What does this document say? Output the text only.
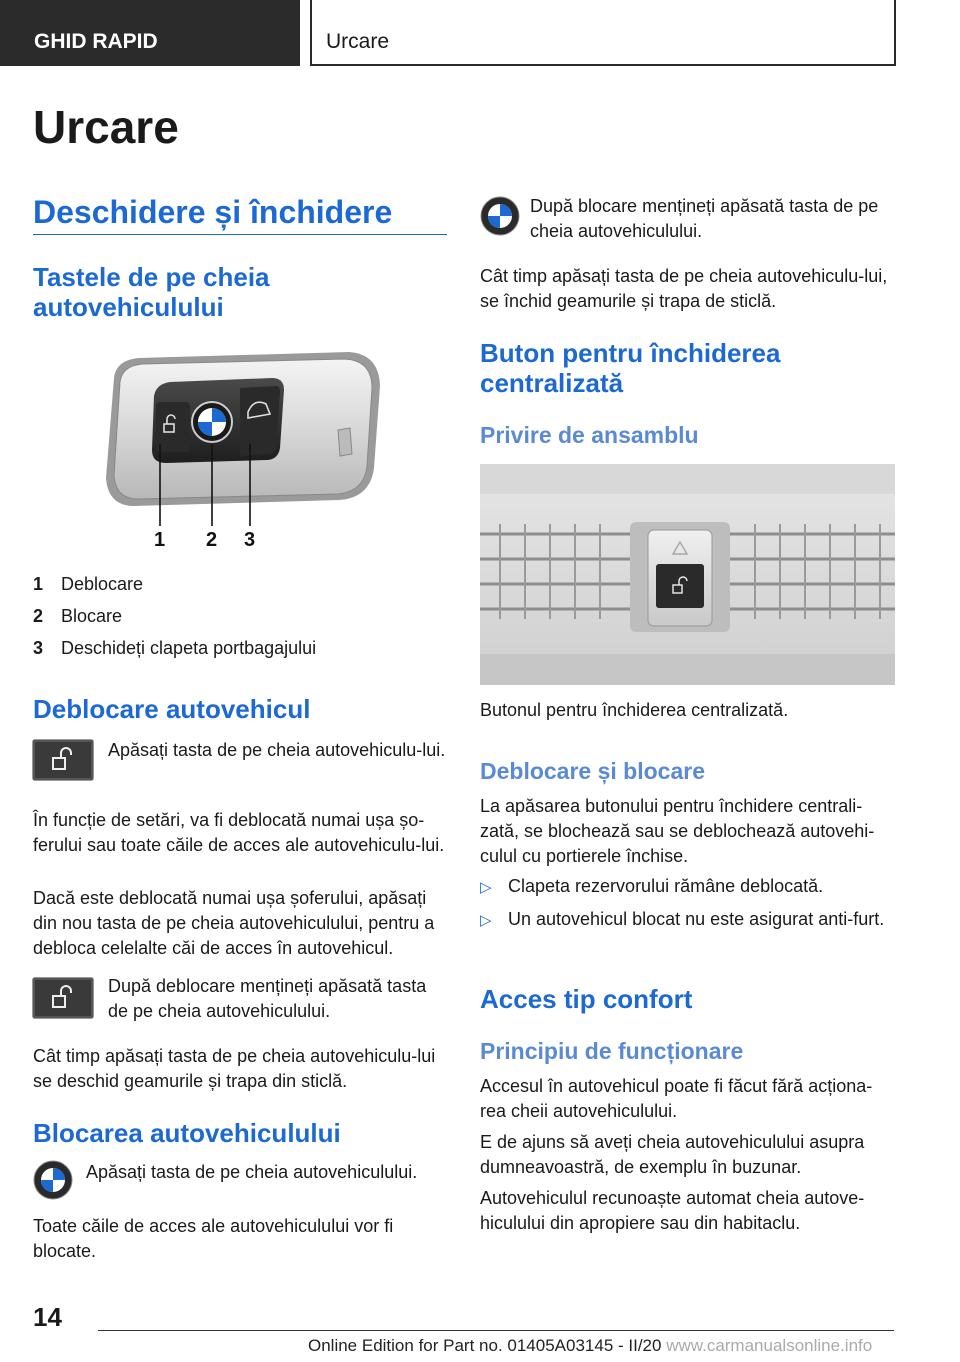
GHID RAPID	Urcare
Urcare
Deschidere și închidere
Tastele de pe cheia autovehiculului
1 2 3
1 Deblocare
2 Blocare
3 Deschideți clapeta portbagajului
Deblocare autovehicul
Apăsați tasta de pe cheia autovehiculu-lui.
În funcție de setări, va fi deblocată numai ușa șo-ferului sau toate căile de acces ale autovehiculu-lui.
Dacă este deblocată numai ușa șoferului, apăsați din nou tasta de pe cheia autovehiculului, pentru a debloca celelalte căi de acces în autovehicul.
După deblocare mențineți apăsată tasta de pe cheia autovehiculului.
Cât timp apăsați tasta de pe cheia autovehiculu-lui se deschid geamurile și trapa din sticlă.
Blocarea autovehiculului
Apăsați tasta de pe cheia autovehiculului.
Toate căile de acces ale autovehiculului vor fi blocate.
După blocare mențineți apăsată tasta de pe cheia autovehiculului.
Cât timp apăsați tasta de pe cheia autovehiculu-lui, se închid geamurile și trapa de sticlă.
Buton pentru închiderea centralizată
Privire de ansamblu
Butonul pentru închiderea centralizată.
Deblocare și blocare
La apăsarea butonului pentru închidere centrali-zată, se blochează sau se deblochează autovehi-culul cu portierele închise.
▷ Clapeta rezervorului rămâne deblocată.
▷ Un autovehicul blocat nu este asigurat anti-furt.
Acces tip confort
Principiu de funcționare
Accesul în autovehicul poate fi făcut fără acționa-rea cheii autovehiculului.
E de ajuns să aveți cheia autovehiculului asupra dumneavoastră, de exemplu în buzunar.
Autovehiculul recunoaște automat cheia autove-hiculului din apropiere sau din habitaclu.
14
Online Edition for Part no. 01405A03145 - II/20 www.carmanualsonline.info
